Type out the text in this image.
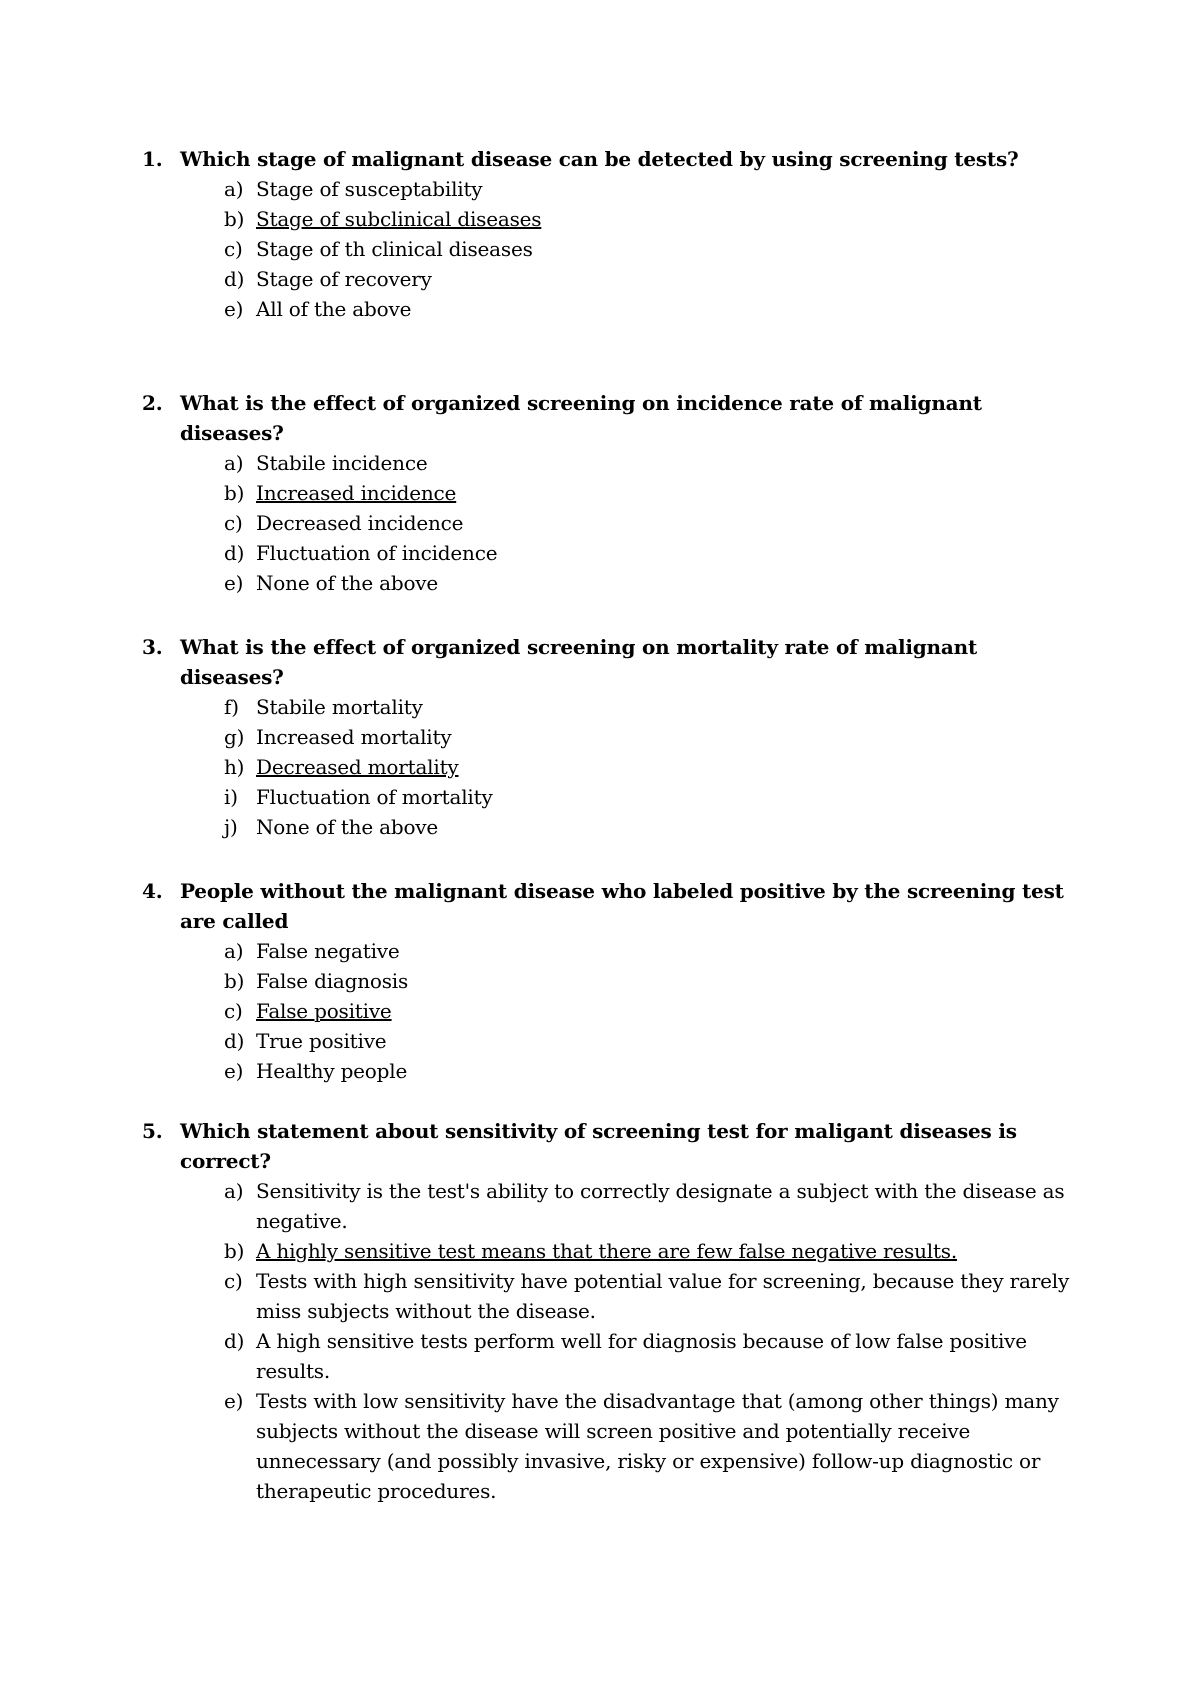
1. Which stage of malignant disease can be detected by using screening tests?
a) Stage of susceptability
b) Stage of subclinical diseases
c) Stage of th clinical diseases
d) Stage of recovery
e) All of the above
2. What is the effect of organized screening on incidence rate of malignant diseases?
a) Stabile incidence
b) Increased incidence
c) Decreased incidence
d) Fluctuation of incidence
e) None of the above
3. What is the effect of organized screening on mortality rate of malignant diseases?
f) Stabile mortality
g) Increased mortality
h) Decreased mortality
i) Fluctuation of mortality
j) None of the above
4. People without the malignant disease who labeled positive by the screening test are called
a) False negative
b) False diagnosis
c) False positive
d) True positive
e) Healthy people
5. Which statement about sensitivity of screening test for maligant diseases is correct?
a) Sensitivity is the test's ability to correctly designate a subject with the disease as negative.
b) A highly sensitive test means that there are few false negative results.
c) Tests with high sensitivity have potential value for screening, because they rarely miss subjects without the disease.
d) A high sensitive tests perform well for diagnosis because of low false positive results.
e) Tests with low sensitivity have the disadvantage that (among other things) many subjects without the disease will screen positive and potentially receive unnecessary (and possibly invasive, risky or expensive) follow-up diagnostic or therapeutic procedures.
